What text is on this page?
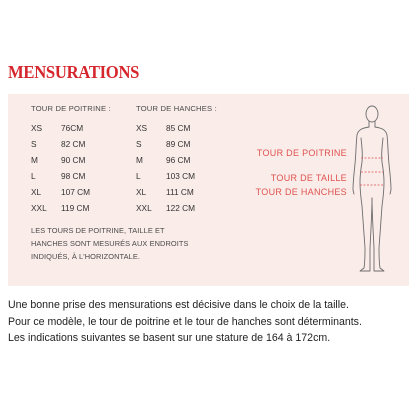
MENSURATIONS
TOUR DE POITRINE :
XS 76CM
S	82 CM
M	90 CM
L	98 CM
XL 107 CM
XXL 119 CM
TOUR DE HANCHES :
XS 85 CM
S	89 CM
M	96 CM
L	103 CM
XL 111 CM
XXL 122 CM
LES TOURS DE POITRINE, TAILLE ET
HANCHES SONT MESURÉS AUX ENDROITS
INDIQUÉS, À L'HORIZONTALE.
TOUR DE POITRINE
TOUR DE TAILLE
TOUR DE HANCHES

Une bonne prise des mensurations est décisive dans le choix de la taille.
Pour ce modèle, le tour de poitrine et le tour de hanches sont déterminants.
Les indications suivantes se basent sur une stature de 164 à 172cm.
